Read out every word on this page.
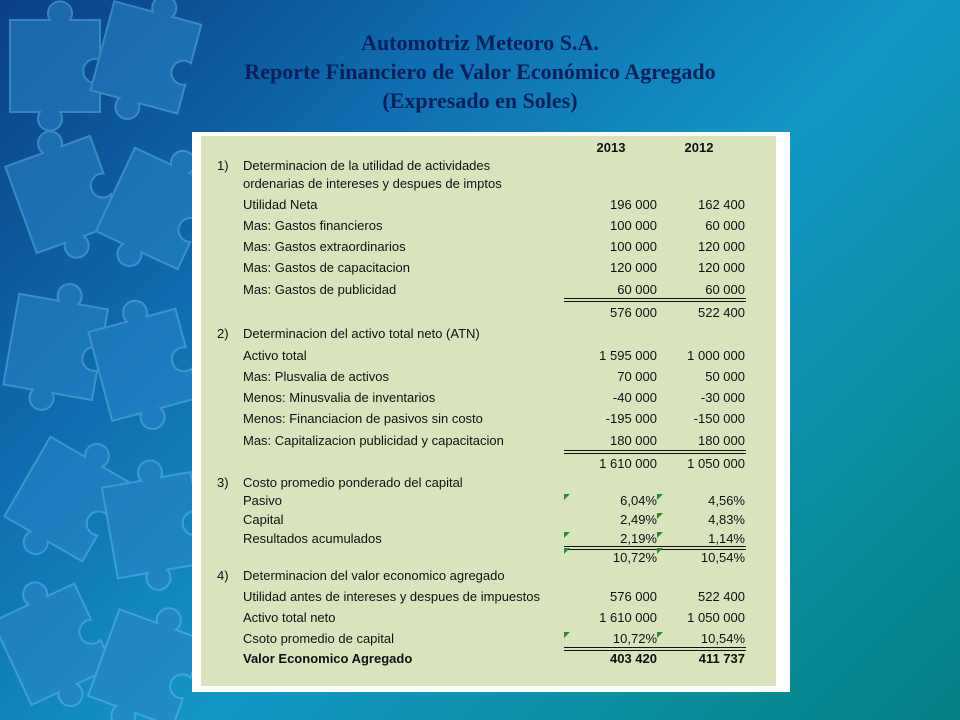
Automotriz Meteoro S.A.
Reporte Financiero de Valor Económico Agregado
(Expresado en Soles)
2013	2012
1) Determinacion de la utilidad de actividades
ordenarias de intereses y despues de imptos
Utilidad Neta	196 000	162 400
Mas: Gastos financieros	100 000	60 000
Mas: Gastos extraordinarios	100 000	120 000
Mas: Gastos de capacitacion	120 000	120 000
Mas: Gastos de publicidad	60 000	60 000
576 000	522 400
2) Determinacion del activo total neto (ATN)
Activo total	1 595 000	1 000 000
Mas: Plusvalia de activos	70 000	50 000
Menos: Minusvalia de inventarios	-40 000	-30 000
Menos: Financiacion de pasivos sin costo	-195 000	-150 000
Mas: Capitalizacion publicidad y capacitacion	180 000	180 000
1 610 000	1 050 000
3) Costo promedio ponderado del capital
Pasivo	6,04%	4,56%
Capital	2,49%	4,83%
Resultados acumulados	2,19%	1,14%
10,72%	10,54%
4) Determinacion del valor economico agregado
Utilidad antes de intereses y despues de impuestos	576 000	522 400
Activo total neto	1 610 000	1 050 000
Csoto promedio de capital	10,72%	10,54%
Valor Economico Agregado	403 420	411 737
